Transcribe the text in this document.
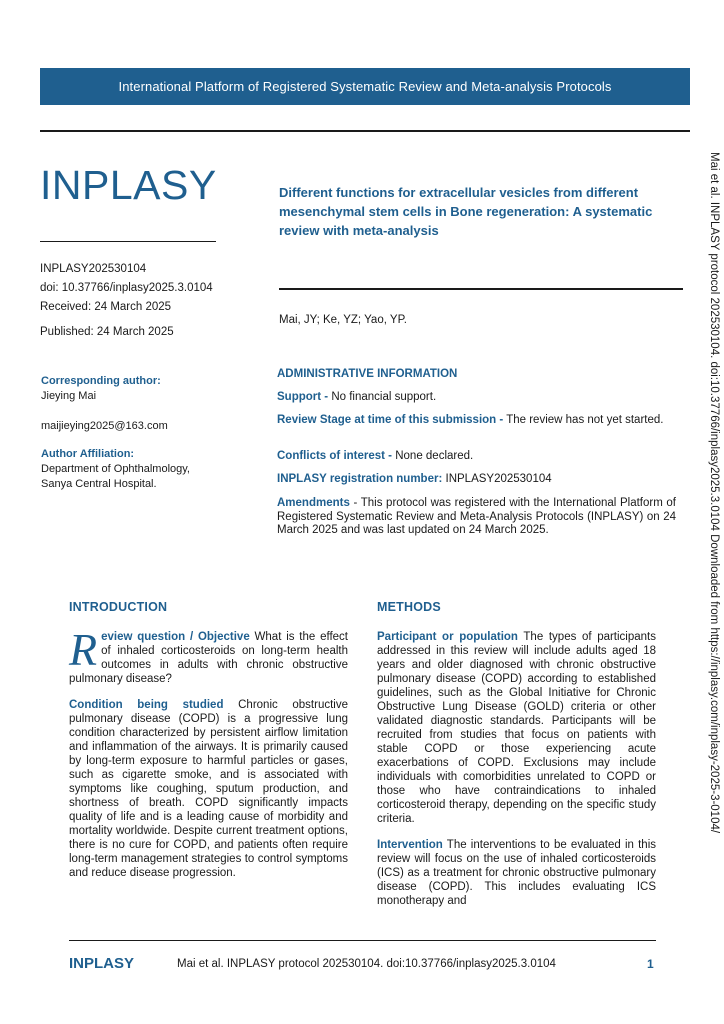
International Platform of Registered Systematic Review and Meta-analysis Protocols
INPLASY
INPLASY202530104
doi: 10.37766/inplasy2025.3.0104
Received: 24 March 2025
Published: 24 March 2025
Different functions for extracellular vesicles from different mesenchymal stem cells in Bone regeneration: A systematic review with meta-analysis
Mai, JY; Ke, YZ; Yao, YP.
Corresponding author:
Jieying Mai
maijieying2025@163.com
Author Affiliation:
Department of Ophthalmology,
Sanya Central Hospital.
ADMINISTRATIVE INFORMATION
Support - No financial support.
Review Stage at time of this submission - The review has not yet started.
Conflicts of interest - None declared.
INPLASY registration number: INPLASY202530104
Amendments - This protocol was registered with the International Platform of Registered Systematic Review and Meta-Analysis Protocols (INPLASY) on 24 March 2025 and was last updated on 24 March 2025.
INTRODUCTION

R eview question / Objective What is the effect of inhaled corticosteroids on long-term health outcomes in adults with chronic obstructive pulmonary disease?

Condition being studied Chronic obstructive pulmonary disease (COPD) is a progressive lung condition characterized by persistent airflow limitation and inflammation of the airways. It is primarily caused by long-term exposure to harmful particles or gases, such as cigarette smoke, and is associated with symptoms like coughing, sputum production, and shortness of breath. COPD significantly impacts quality of life and is a leading cause of morbidity and mortality worldwide. Despite current treatment options, there is no cure for COPD, and patients often require long-term management strategies to control symptoms and reduce disease progression.

METHODS

Participant or population The types of participants addressed in this review will include adults aged 18 years and older diagnosed with chronic obstructive pulmonary disease (COPD) according to established guidelines, such as the Global Initiative for Chronic Obstructive Lung Disease (GOLD) criteria or other validated diagnostic standards. Participants will be recruited from studies that focus on patients with stable COPD or those experiencing acute exacerbations of COPD. Exclusions may include individuals with comorbidities unrelated to COPD or those who have contraindications to inhaled corticosteroid therapy, depending on the specific study criteria.

Intervention The interventions to be evaluated in this review will focus on the use of inhaled corticosteroids (ICS) as a treatment for chronic obstructive pulmonary disease (COPD). This includes evaluating ICS monotherapy and

Mai et al. INPLASY protocol 202530104. doi:10.37766/inplasy2025.3.0104 Downloaded from https://inplasy.com/inplasy-2025-3-0104/
INPLASY	Mai et al. INPLASY protocol 202530104. doi:10.37766/inplasy2025.3.0104	1
